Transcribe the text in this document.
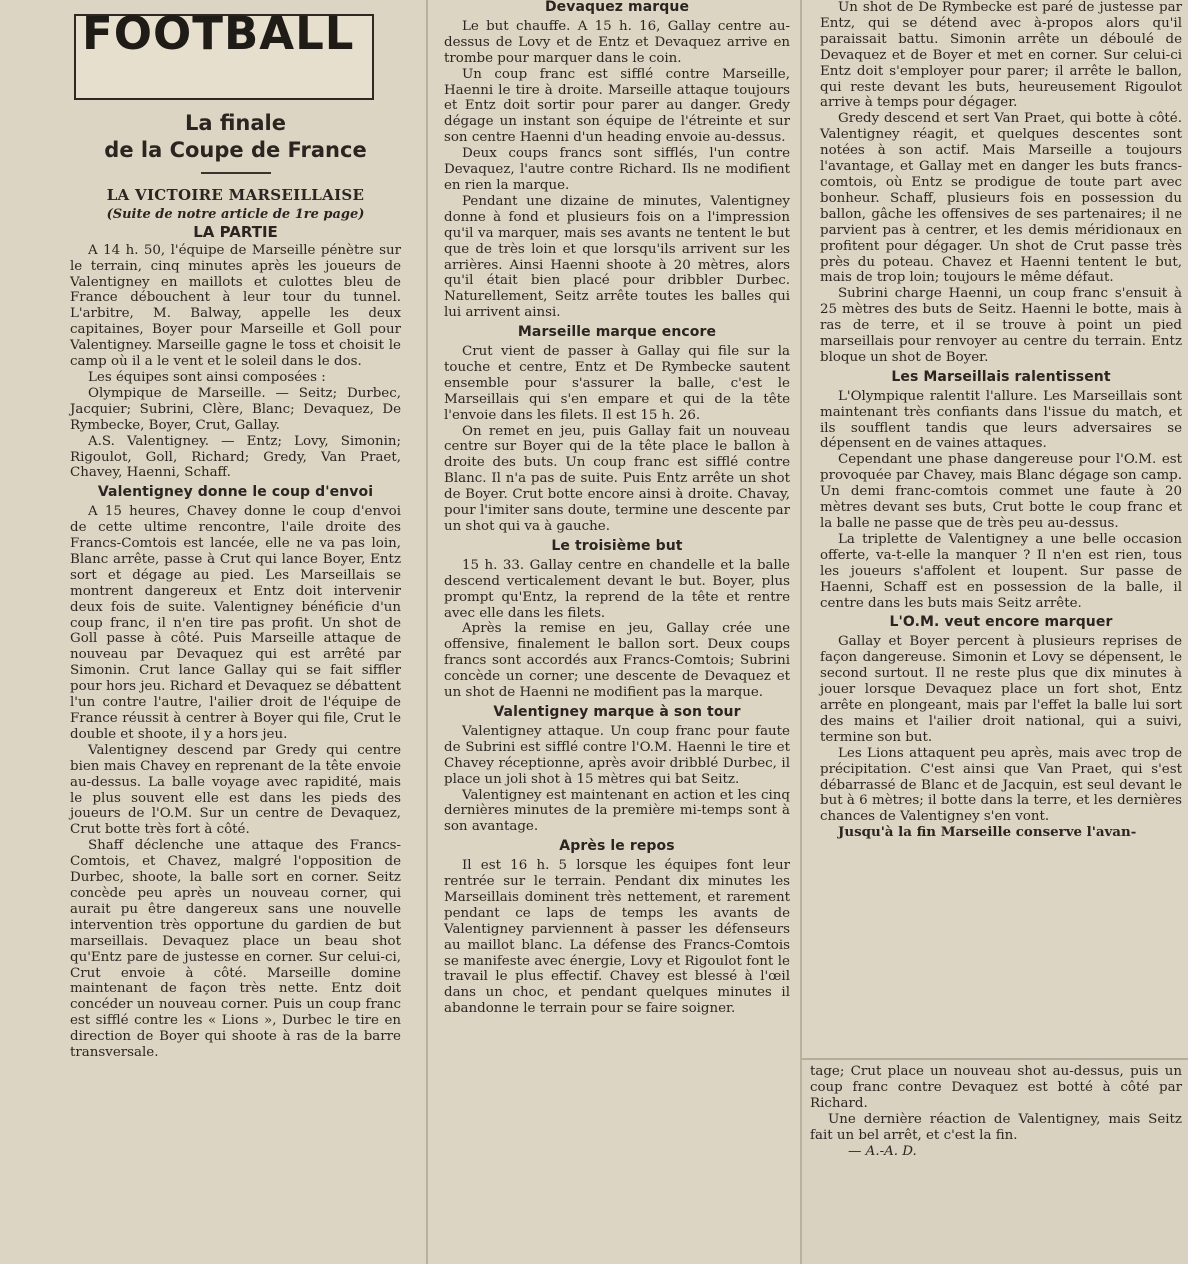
FOOTBALL
La finale
de la Coupe de France
LA VICTOIRE MARSEILLAISE
(Suite de notre article de 1re page)
LA PARTIE

A 14 h. 50, l'équipe de Marseille pénètre sur le terrain, cinq minutes après les joueurs de Valentigney en maillots et culottes bleu de France débouchent à leur tour du tunnel. L'arbitre, M. Balway, appelle les deux capitaines, Boyer pour Marseille et Goll pour Valentigney. Marseille gagne le toss et choisit le camp où il a le vent et le soleil dans le dos.

Les équipes sont ainsi composées :

Olympique de Marseille. — Seitz; Durbec, Jacquier; Subrini, Clère, Blanc; Devaquez, De Rymbecke, Boyer, Crut, Gallay.

A.S. Valentigney. — Entz; Lovy, Simonin; Rigoulot, Goll, Richard; Gredy, Van Praet, Chavey, Haenni, Schaff.

Valentigney donne le coup d'envoi

A 15 heures, Chavey donne le coup d'envoi de cette ultime rencontre, l'aile droite des Francs-Comtois est lancée, elle ne va pas loin, Blanc arrête, passe à Crut qui lance Boyer, Entz sort et dégage au pied. Les Marseillais se montrent dangereux et Entz doit intervenir deux fois de suite. Valentigney bénéficie d'un coup franc, il n'en tire pas profit. Un shot de Goll passe à côté. Puis Marseille attaque de nouveau par Devaquez qui est arrêté par Simonin. Crut lance Gallay qui se fait siffler pour hors jeu. Richard et Devaquez se débattent l'un contre l'autre, l'ailier droit de l'équipe de France réussit à centrer à Boyer qui file, Crut le double et shoote, il y a hors jeu.

Valentigney descend par Gredy qui centre bien mais Chavey en reprenant de la tête envoie au-dessus. La balle voyage avec rapidité, mais le plus souvent elle est dans les pieds des joueurs de l'O.M. Sur un centre de Devaquez, Crut botte très fort à côté.

Shaff déclenche une attaque des Francs-Comtois, et Chavez, malgré l'opposition de Durbec, shoote, la balle sort en corner. Seitz concède peu après un nouveau corner, qui aurait pu être dangereux sans une nouvelle intervention très opportune du gardien de but marseillais. Devaquez place un beau shot qu'Entz pare de justesse en corner. Sur celui-ci, Crut envoie à côté. Marseille domine maintenant de façon très nette. Entz doit concéder un nouveau corner. Puis un coup franc est sifflé contre les « Lions », Durbec le tire en direction de Boyer qui shoote à ras de la barre transversale.

Devaquez marque

Le but chauffe. A 15 h. 16, Gallay centre au-dessus de Lovy et de Entz et Devaquez arrive en trombe pour marquer dans le coin.

Un coup franc est sifflé contre Marseille, Haenni le tire à droite. Marseille attaque toujours et Entz doit sortir pour parer au danger. Gredy dégage un instant son équipe de l'étreinte et sur son centre Haenni d'un heading envoie au-dessus.

Deux coups francs sont sifflés, l'un contre Devaquez, l'autre contre Richard. Ils ne modifient en rien la marque.

Pendant une dizaine de minutes, Valentigney donne à fond et plusieurs fois on a l'impression qu'il va marquer, mais ses avants ne tentent le but que de très loin et que lorsqu'ils arrivent sur les arrières. Ainsi Haenni shoote à 20 mètres, alors qu'il était bien placé pour dribbler Durbec. Naturellement, Seitz arrête toutes les balles qui lui arrivent ainsi.

Marseille marque encore

Crut vient de passer à Gallay qui file sur la touche et centre, Entz et De Rymbecke sautent ensemble pour s'assurer la balle, c'est le Marseillais qui s'en empare et qui de la tête l'envoie dans les filets. Il est 15 h. 26.

On remet en jeu, puis Gallay fait un nouveau centre sur Boyer qui de la tête place le ballon à droite des buts. Un coup franc est sifflé contre Blanc. Il n'a pas de suite. Puis Entz arrête un shot de Boyer. Crut botte encore ainsi à droite. Chavay, pour l'imiter sans doute, termine une descente par un shot qui va à gauche.

Le troisième but

15 h. 33. Gallay centre en chandelle et la balle descend verticalement devant le but. Boyer, plus prompt qu'Entz, la reprend de la tête et rentre avec elle dans les filets.

Après la remise en jeu, Gallay crée une offensive, finalement le ballon sort. Deux coups francs sont accordés aux Francs-Comtois; Subrini concède un corner; une descente de Devaquez et un shot de Haenni ne modifient pas la marque.

Valentigney marque à son tour

Valentigney attaque. Un coup franc pour faute de Subrini est sifflé contre l'O.M. Haenni le tire et Chavey réceptionne, après avoir dribblé Durbec, il place un joli shot à 15 mètres qui bat Seitz.

Valentigney est maintenant en action et les cinq dernières minutes de la première mi-temps sont à son avantage.

Après le repos

Il est 16 h. 5 lorsque les équipes font leur rentrée sur le terrain. Pendant dix minutes les Marseillais dominent très nettement, et rarement pendant ce laps de temps les avants de Valentigney parviennent à passer les défenseurs au maillot blanc. La défense des Francs-Comtois se manifeste avec énergie, Lovy et Rigoulot font le travail le plus effectif. Chavey est blessé à l'œil dans un choc, et pendant quelques minutes il abandonne le terrain pour se faire soigner.

Un shot de De Rymbecke est paré de justesse par Entz, qui se détend avec à-propos alors qu'il paraissait battu. Simonin arrête un déboulé de Devaquez et de Boyer et met en corner. Sur celui-ci Entz doit s'employer pour parer; il arrête le ballon, qui reste devant les buts, heureusement Rigoulot arrive à temps pour dégager.

Gredy descend et sert Van Praet, qui botte à côté. Valentigney réagit, et quelques descentes sont notées à son actif. Mais Marseille a toujours l'avantage, et Gallay met en danger les buts francs-comtois, où Entz se prodigue de toute part avec bonheur. Schaff, plusieurs fois en possession du ballon, gâche les offensives de ses partenaires; il ne parvient pas à centrer, et les demis méridionaux en profitent pour dégager. Un shot de Crut passe très près du poteau. Chavez et Haenni tentent le but, mais de trop loin; toujours le même défaut.

Subrini charge Haenni, un coup franc s'ensuit à 25 mètres des buts de Seitz. Haenni le botte, mais à ras de terre, et il se trouve à point un pied marseillais pour renvoyer au centre du terrain. Entz bloque un shot de Boyer.

Les Marseillais ralentissent

L'Olympique ralentit l'allure. Les Marseillais sont maintenant très confiants dans l'issue du match, et ils soufflent tandis que leurs adversaires se dépensent en de vaines attaques.

Cependant une phase dangereuse pour l'O.M. est provoquée par Chavey, mais Blanc dégage son camp. Un demi franc-comtois commet une faute à 20 mètres devant ses buts, Crut botte le coup franc et la balle ne passe que de très peu au-dessus.

La triplette de Valentigney a une belle occasion offerte, va-t-elle la manquer ? Il n'en est rien, tous les joueurs s'affolent et loupent. Sur passe de Haenni, Schaff est en possession de la balle, il centre dans les buts mais Seitz arrête.

L'O.M. veut encore marquer

Gallay et Boyer percent à plusieurs reprises de façon dangereuse. Simonin et Lovy se dépensent, le second surtout. Il ne reste plus que dix minutes à jouer lorsque Devaquez place un fort shot, Entz arrête en plongeant, mais par l'effet la balle lui sort des mains et l'ailier droit national, qui a suivi, termine son but.

Les Lions attaquent peu après, mais avec trop de précipitation. C'est ainsi que Van Praet, qui s'est débarrassé de Blanc et de Jacquin, est seul devant le but à 6 mètres; il botte dans la terre, et les dernières chances de Valentigney s'en vont.

Jusqu'à la fin Marseille conserve l'avan-

tage; Crut place un nouveau shot au-dessus, puis un coup franc contre Devaquez est botté à côté par Richard.

Une dernière réaction de Valentigney, mais Seitz fait un bel arrêt, et c'est la fin.

— A.-A. D.
